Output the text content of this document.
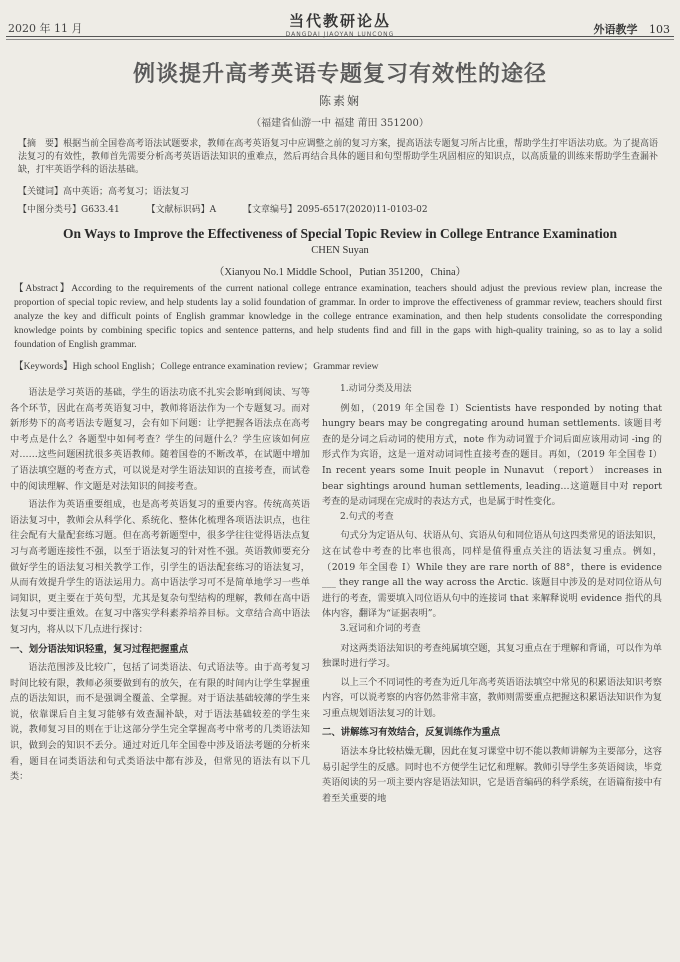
2020 年 11 月	当代教研论丛
DANGDAI JIAOYAN LUNCONG	外语教学 103
例谈提升高考英语专题复习有效性的途径
陈素娴
（福建省仙游一中 福建 莆田 351200）
【摘　要】根据当前全国卷高考语法试题要求，教师在高考英语复习中应调整之前的复习方案，提高语法专题复习所占比重，帮助学生打牢语法功底。为了提高语法复习的有效性，教师首先需要分析高考英语语法知识的重难点，然后再结合具体的题目和句型帮助学生巩固相应的知识点，以高质量的训练来帮助学生查漏补缺，打牢英语学科的语法基础。
【关键词】高中英语；高考复习；语法复习
【中图分类号】G633.41	【文献标识码】A	【文章编号】2095-6517(2020)11-0103-02
On Ways to Improve the Effectiveness of Special Topic Review in College Entrance Examination
CHEN Suyan
（Xianyou No.1 Middle School，Putian 351200，China）
【Abstract】According to the requirements of the current national college entrance examination, teachers should adjust the previous review plan, increase the proportion of special topic review, and help students lay a solid foundation of grammar. In order to improve the effectiveness of grammar review, teachers should first analyze the key and difficult points of English grammar knowledge in the college entrance examination, and then help students consolidate the corresponding knowledge points by combining specific topics and sentence patterns, and help students find and fill in the gaps with high-quality training, so as to lay a solid foundation of English grammar.
【Keywords】High school English；College entrance examination review；Grammar review

语法是学习英语的基础，学生的语法功底不扎实会影响到阅读、写等各个环节，因此在高考英语复习中，教师将语法作为一个专题复习。而对新形势下的高考语法专题复习，会有如下问题：让学把握各语法点在高考中考点是什么？各题型中如何考查？学生的问题什么？学生应该如何应对……这些问题困扰很多英语教师。随着国卷的不断改革，在试题中增加了语法填空题的考查方式，可以说是对学生语法知识的直接考查，而试卷中的阅读理解、作文题是对法知识的间接考查。

语法作为英语重要组成，也是高考英语复习的重要内容。传统高英语语法复习中，教师会从科学化、系统化、整体化梳理各项语法识点，也往往会配有大量配套练习题。但在高考新题型中，很多学往往觉得语法点复习与高考题连接性不强，以至于语法复习的针对性不强。英语教师要充分做好学生的语法复习相关教学工作，引学生的语法配套练习的语法复习，从而有效提升学生的语法运用力。高中语法学习可不是简单地学习一些单词知识，更主要在于英句型，尤其是复杂句型结构的理解，教师在高中语法复习中要注重效。在复习中落实学科素养培养目标。文章结合高中语法复习内，将从以下几点进行探讨：

一、划分语法知识轻重，复习过程把握重点

语法范围涉及比较广，包括了词类语法、句式语法等。由于高考复习时间比较有限，教师必须要做到有的放矢，在有限的时间内让学生掌握重点的语法知识，而不是强调全覆盖、全掌握。对于语法基础较薄的学生来说，依靠课后自主复习能够有效查漏补缺，对于语法基础较差的学生来说，教师复习目的则在于让这部分学生完全掌握高考中常考的几类语法知识，做到会的知识不丢分。通过对近几年全国卷中涉及语法考题的分析来看，题目在词类语法和句式类语法中都有涉及，但常见的语法有以下几类：

1.动词分类及用法

例如，（2019 年全国卷 I）Scientists have responded by noting that hungry bears may be congregating around human settlements. 该题目考查的是分词之后动词的使用方式，note 作为动词置于介词后面应该用动词 -ing 的形式作为宾语，这是一道对动词词性直接考查的题目。再如，（2019 年全国卷 I）In recent years some Inuit people in Nunavut （report） increases in bear sightings around human settlements, leading…这道题目中对 report 考查的是动词现在完成时的表达方式，也是属于时性变化。

2.句式的考查

句式分为定语从句、状语从句、宾语从句和同位语从句这四类常见的语法知识，这在试卷中考查的比率也很高，同样是值得重点关注的语法复习重点。例如，（2019 年全国卷 I）While they are rare north of 88°，there is evidence ___ they range all the way across the Arctic. 该题目中涉及的是对同位语从句进行的考查，需要填入同位语从句中的连接词 that 来解释说明 evidence 指代的具体内容，翻译为“证据表明”。

3.冠词和介词的考查

对这两类语法知识的考查纯属填空题，其复习重点在于理解和背诵，可以作为单独课时进行学习。

以上三个不同词性的考查为近几年高考英语语法填空中常见的积累语法知识考察内容，可以说考察的内容仍然非常丰富，教师则需要重点把握这积累语法知识作为复习重点规划语法复习的计划。

二、讲解练习有效结合，反复训练作为重点

语法本身比较枯燥无聊，因此在复习课堂中切不能以教师讲解为主要部分，这容易引起学生的反感。同时也不方便学生记忆和理解。教师引导学生多英语阅读，毕竟英语阅读的另一项主要内容是语法知识，它是语音编码的科学系统，在语篇衔接中有着至关重要的地
